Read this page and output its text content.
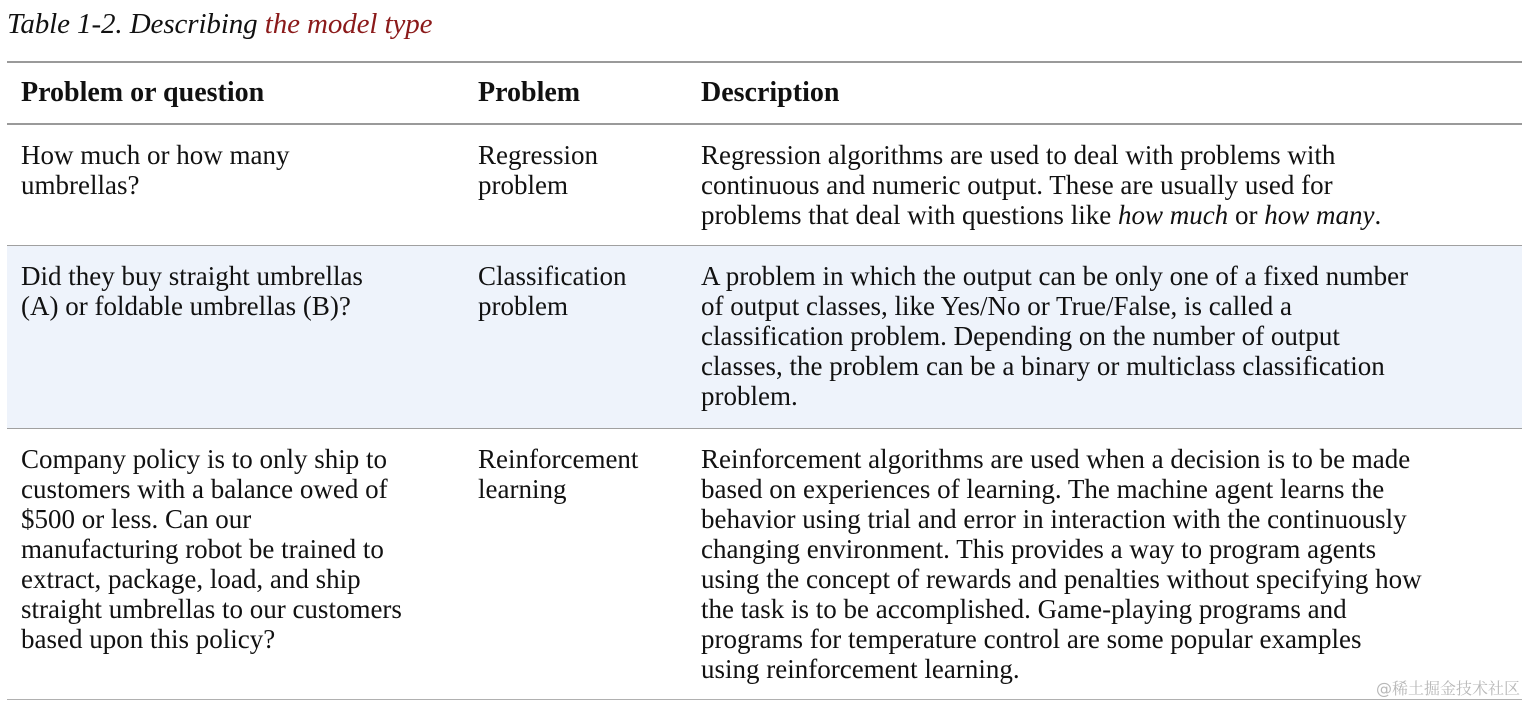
Table 1-2. Describing the model type
Problem or question	Problem	Description
How much or how many
umbrellas?
Regression
problem
Regression algorithms are used to deal with problems with
continuous and numeric output. These are usually used for
problems that deal with questions like how much or how many.
Did they buy straight umbrellas
(A) or foldable umbrellas (B)?
Classification
problem
A problem in which the output can be only one of a fixed number
of output classes, like Yes/No or True/False, is called a
classification problem. Depending on the number of output
classes, the problem can be a binary or multiclass classification
problem.
Company policy is to only ship to
customers with a balance owed of
$500 or less. Can our
manufacturing robot be trained to
extract, package, load, and ship
straight umbrellas to our customers
based upon this policy?
Reinforcement
learning
Reinforcement algorithms are used when a decision is to be made
based on experiences of learning. The machine agent learns the
behavior using trial and error in interaction with the continuously
changing environment. This provides a way to program agents
using the concept of rewards and penalties without specifying how
the task is to be accomplished. Game-playing programs and
programs for temperature control are some popular examples
using reinforcement learning.
@稀土掘金技术社区
